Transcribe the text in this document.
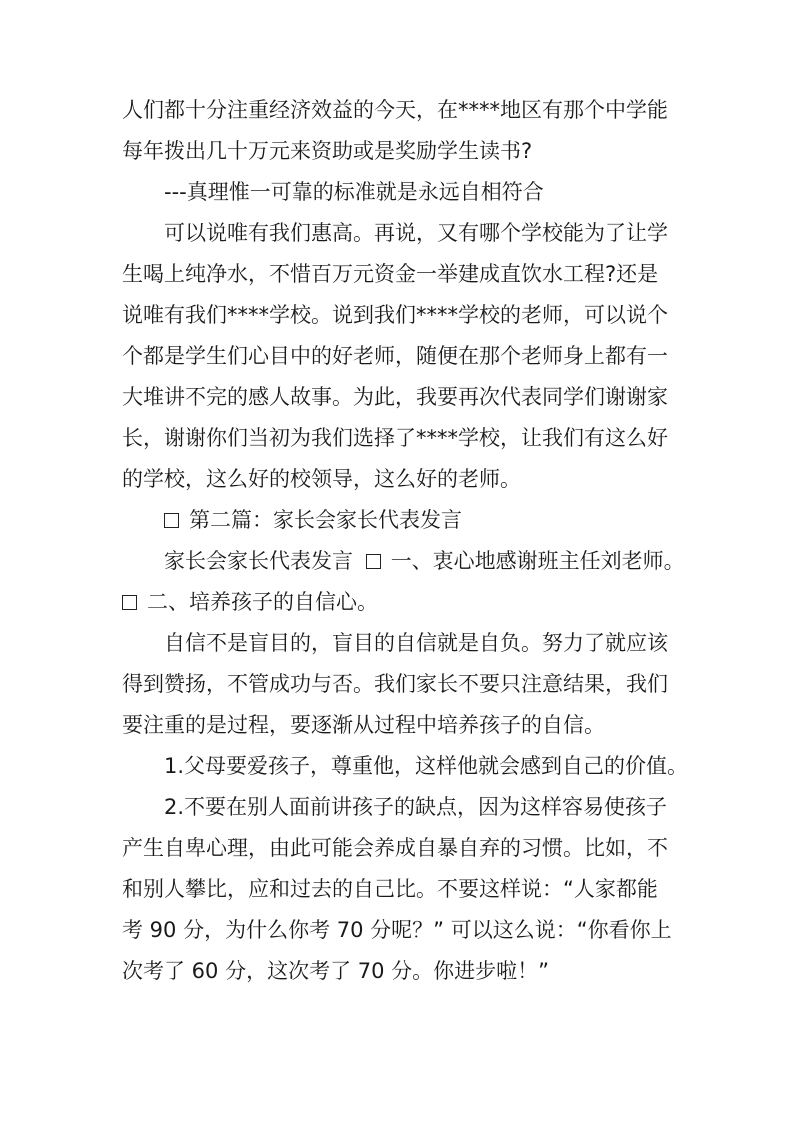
人们都十分注重经济效益的今天，在****地区有那个中学能
每年拨出几十万元来资助或是奖励学生读书?
---真理惟一可靠的标准就是永远自相符合
可以说唯有我们惠高。再说，又有哪个学校能为了让学
生喝上纯净水，不惜百万元资金一举建成直饮水工程?还是
说唯有我们****学校。说到我们****学校的老师，可以说个
个都是学生们心目中的好老师，随便在那个老师身上都有一
大堆讲不完的感人故事。为此，我要再次代表同学们谢谢家
长，谢谢你们当初为我们选择了****学校，让我们有这么好
的学校，这么好的校领导，这么好的老师。
第二篇：家长会家长代表发言
家长会家长代表发言 一、衷心地感谢班主任刘老师。
二、培养孩子的自信心。
自信不是盲目的，盲目的自信就是自负。努力了就应该
得到赞扬，不管成功与否。我们家长不要只注意结果，我们
要注重的是过程，要逐渐从过程中培养孩子的自信。
1.父母要爱孩子，尊重他，这样他就会感到自己的价值。
2.不要在别人面前讲孩子的缺点，因为这样容易使孩子
产生自卑心理，由此可能会养成自暴自弃的习惯。比如，不
和别人攀比，应和过去的自己比。不要这样说：“人家都能
考 90 分，为什么你考 70 分呢？” 可以这么说：“你看你上
次考了 60 分，这次考了 70 分。你进步啦！”
